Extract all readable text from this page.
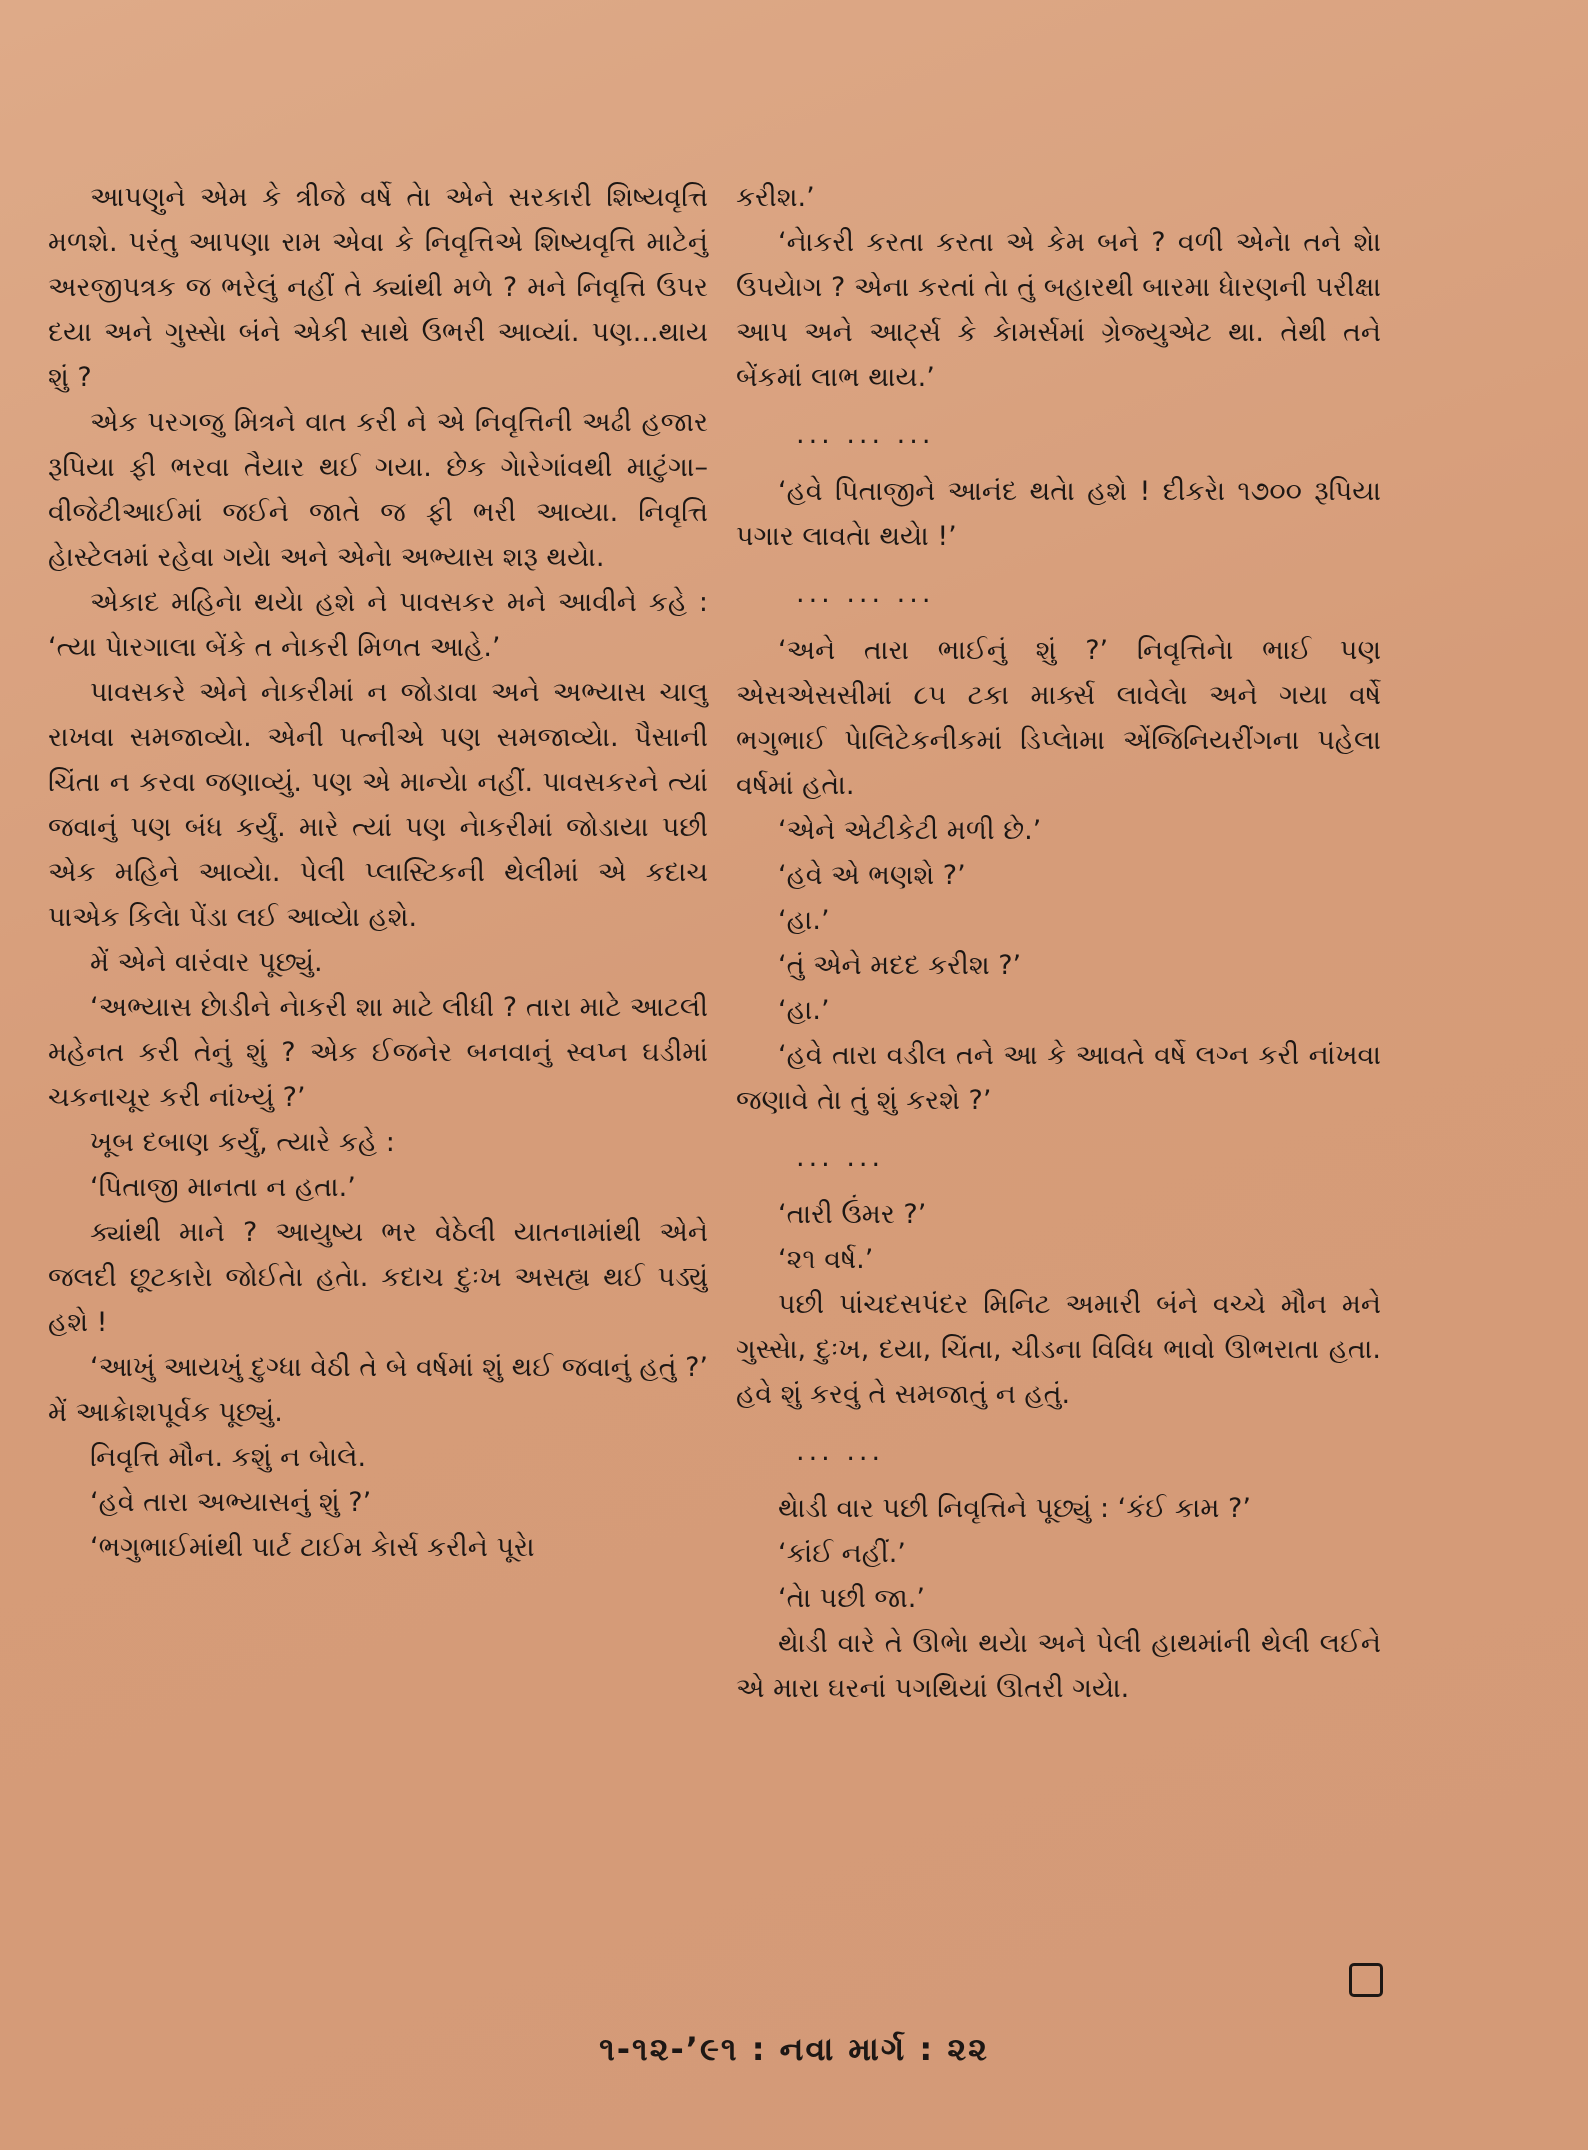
આપણુને એમ કે ત્રીજે વર્ષે તેા એને સરકારી શિષ્યવૃત્તિ મળશે. પરંતુ આપણા રામ એવા કે નિવૃત્તિએ શિષ્યવૃત્તિ માટેનું અરજીપત્રક જ ભરેલું નહીં તે ક્યાંથી મળે ? મને નિવૃત્તિ ઉપર દયા અને ગુસ્સેા બંને એકી સાથે ઉભરી આવ્યાં. પણ...થાય શું ?

એક પરગજુ મિત્રને વાત કરી ને એ નિવૃત્તિની અઢી હજાર રૂપિયા ફી ભરવા તૈયાર થઈ ગયા. છેક ગેારેગાંવથી માટુંગા–વીજેટીઆઈમાં જઈને જાતે જ ફી ભરી આવ્યા. નિવૃત્તિ હેાસ્ટેલમાં રહેવા ગયેા અને એનેા અભ્યાસ શરૂ થયેા.

એકાદ મહિનેા થયેા હશે ને પાવસકર મને આવીને કહે : ‘ત્યા પેારગાલા બેંકે ત નેાકરી મિળત આહે.’

પાવસકરે એને નેાકરીમાં ન જોડાવા અને અભ્યાસ ચાલુ રાખવા સમજાવ્યેા. એની પત્નીએ પણ સમજાવ્યેા. પૈસાની ચિંતા ન કરવા જણાવ્યું. પણ એ માન્યેા નહીં. પાવસકરને ત્યાં જવાનું પણ બંધ કર્યું. મારે ત્યાં પણ નેાકરીમાં જોડાયા પછી એક મહિને આવ્યેા. પેલી પ્લાસ્ટિકની થેલીમાં એ કદાચ પાએક કિલેા પેંડા લઈ આવ્યેા હશે.

મેં એને વારંવાર પૂછ્યું.

‘અભ્યાસ છેાડીને નેાકરી શા માટે લીધી ? તારા માટે આટલી મહેનત કરી તેનું શું ? એક ઈજનેર બનવાનું સ્વપ્ન ઘડીમાં ચકનાચૂર કરી નાંખ્યું ?’

ખૂબ દબાણ કર્યું, ત્યારે કહે :

‘પિતાજી માનતા ન હતા.’

ક્યાંથી માને ? આયુષ્ય ભર વેઠેલી યાતનામાંથી એને જલદી છૂટકારેા જોઈતેા હતેા. કદાચ દુઃખ અસહ્ય થઈ પડ્યું હશે !

‘આખું આયખું દુગ્ધા વેઠી તે બે વર્ષમાં શું થઈ જવાનું હતું ?’ મેં આક્રેાશપૂર્વક પૂછ્યું.

નિવૃત્તિ મૌન. કશું ન બેાલે.

‘હવે તારા અભ્યાસનું શું ?’

‘ભગુભાઈમાંથી પાર્ટ ટાઈમ કેાર્સ કરીને પૂરેા

કરીશ.’

‘નેાકરી કરતા કરતા એ કેમ બને ? વળી એનેા તને શેા ઉપયેાગ ? એના કરતાં તેા તું બહારથી બારમા ધેારણની પરીક્ષા આપ અને આર્ટ્સ કે કેામર્સમાં ગ્રેજ્યુએટ થા. તેથી તને બેંકમાં લાભ થાય.’

... ... ...

‘હવે પિતાજીને આનંદ થતેા હશે ! દીકરેા ૧૭૦૦ રૂપિયા પગાર લાવતેા થયેા !’

... ... ...

‘અને તારા ભાઈનું શું ?’ નિવૃત્તિનેા ભાઈ પણ એસએસસીમાં ૮૫ ટકા માર્ક્સ લાવેલેા અને ગયા વર્ષે ભગુભાઈ પેાલિટેકનીકમાં ડિપ્લેામા એંજિનિયરીંગના પહેલા વર્ષમાં હતેા.

‘એને એટીકેટી મળી છે.’

‘હવે એ ભણશે ?’

‘હા.’

‘તું એને મદદ કરીશ ?’

‘હા.’

‘હવે તારા વડીલ તને આ કે આવતે વર્ષે લગ્ન કરી નાંખવા જણાવે તેા તું શું કરશે ?’

... ...

‘તારી ઉંમર ?’

‘૨૧ વર્ષ.’

પછી પાંચદસપંદર મિનિટ અમારી બંને વચ્ચે મૌન મને ગુસ્સેા, દુઃખ, દયા, ચિંતા, ચીડના વિવિધ ભાવો ઊભરાતા હતા. હવે શું કરવું તે સમજાતું ન હતું.

... ...

થેાડી વાર પછી નિવૃત્તિને પૂછ્યું : ‘કંઈ કામ ?’

‘કાંઈ નહીં.’

‘તેા પછી જા.’

થેાડી વારે તે ઊભેા થયેા અને પેલી હાથમાંની થેલી લઈને એ મારા ઘરનાં પગથિયાં ઊતરી ગયેા.

૧-૧૨-’૯૧ : નવા માર્ગ : ૨૨
